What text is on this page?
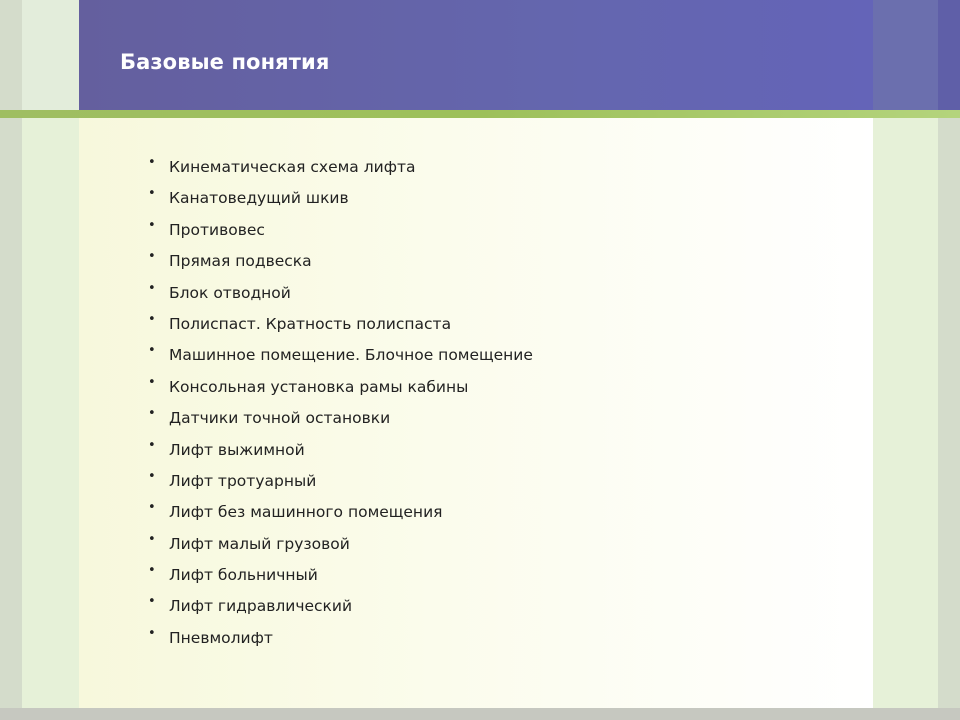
Базовые понятия
• Кинематическая схема лифта
• Канатоведущий шкив
• Противовес
• Прямая подвеска
• Блок отводной
• Полиспаст. Кратность полиспаста
• Машинное помещение. Блочное помещение
• Консольная установка рамы кабины
• Датчики точной остановки
• Лифт выжимной
• Лифт тротуарный
• Лифт без машинного помещения
• Лифт малый грузовой
• Лифт больничный
• Лифт гидравлический
• Пневмолифт
